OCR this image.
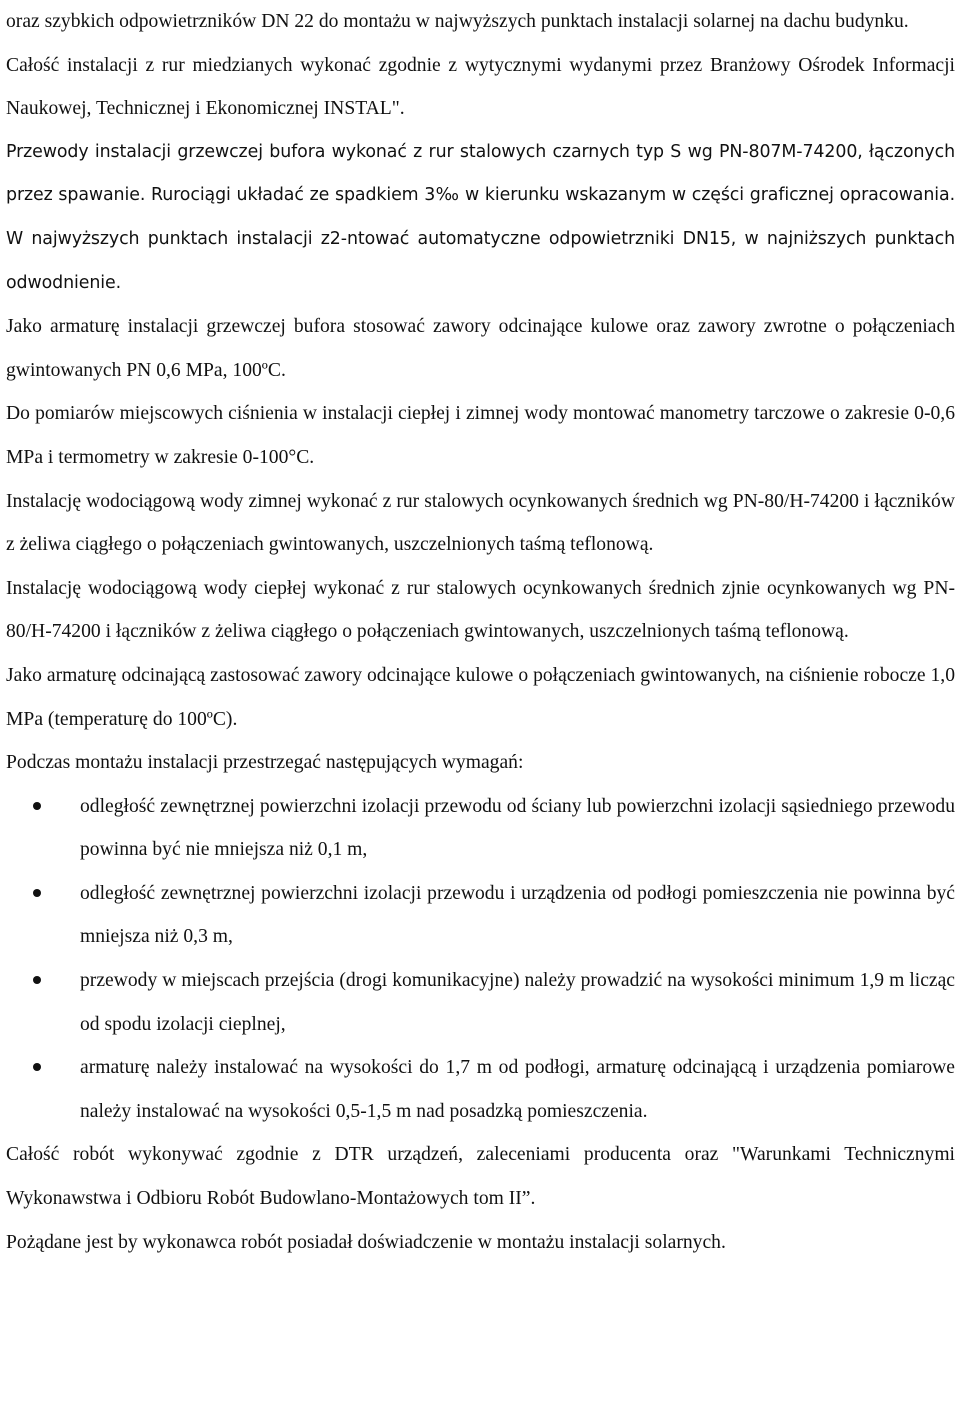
oraz szybkich odpowietrzników DN 22 do montażu w najwyższych punktach instalacji solarnej na dachu budynku.

Całość instalacji z rur miedzianych wykonać zgodnie z wytycznymi wydanymi przez Branżowy Ośrodek Informacji Naukowej, Technicznej i Ekonomicznej INSTAL".

Przewody instalacji grzewczej bufora wykonać z rur stalowych czarnych typ S wg PN-807M-74200, łączonych przez spawanie. Rurociągi układać ze spadkiem 3‰ w kierunku wskazanym w części graficznej opracowania. W najwyższych punktach instalacji z2-ntować automatyczne odpowietrzniki DN15, w najniższych punktach odwodnienie.

Jako armaturę instalacji grzewczej bufora stosować zawory odcinające kulowe oraz zawory zwrotne o połączeniach gwintowanych PN 0,6 MPa, 100ºC.

Do pomiarów miejscowych ciśnienia w instalacji ciepłej i zimnej wody montować manometry tarczowe o zakresie 0-0,6 MPa i termometry w zakresie 0-100°C.

Instalację wodociągową wody zimnej wykonać z rur stalowych ocynkowanych średnich wg PN-80/H-74200 i łączników z żeliwa ciągłego o połączeniach gwintowanych, uszczelnionych taśmą teflonową.

Instalację wodociągową wody ciepłej wykonać z rur stalowych ocynkowanych średnich zjnie ocynkowanych wg PN-80/H-74200 i łączników z żeliwa ciągłego o połączeniach gwintowanych, uszczelnionych taśmą teflonową.

Jako armaturę odcinającą zastosować zawory odcinające kulowe o połączeniach gwintowanych, na ciśnienie robocze 1,0 MPa (temperaturę do 100ºC).

Podczas montażu instalacji przestrzegać następujących wymagań:

odległość zewnętrznej powierzchni izolacji przewodu od ściany lub powierzchni izolacji sąsiedniego przewodu powinna być nie mniejsza niż 0,1 m,
odległość zewnętrznej powierzchni izolacji przewodu i urządzenia od podłogi pomieszczenia nie powinna być mniejsza niż 0,3 m,
przewody w miejscach przejścia (drogi komunikacyjne) należy prowadzić na wysokości minimum 1,9 m licząc od spodu izolacji cieplnej,
armaturę należy instalować na wysokości do 1,7 m od podłogi, armaturę odcinającą i urządzenia pomiarowe należy instalować na wysokości 0,5-1,5 m nad posadzką pomieszczenia.

Całość robót wykonywać zgodnie z DTR urządzeń, zaleceniami producenta oraz "Warunkami Technicznymi Wykonawstwa i Odbioru Robót Budowlano-Montażowych tom II”.

Pożądane jest by wykonawca robót posiadał doświadczenie w montażu instalacji solarnych.
